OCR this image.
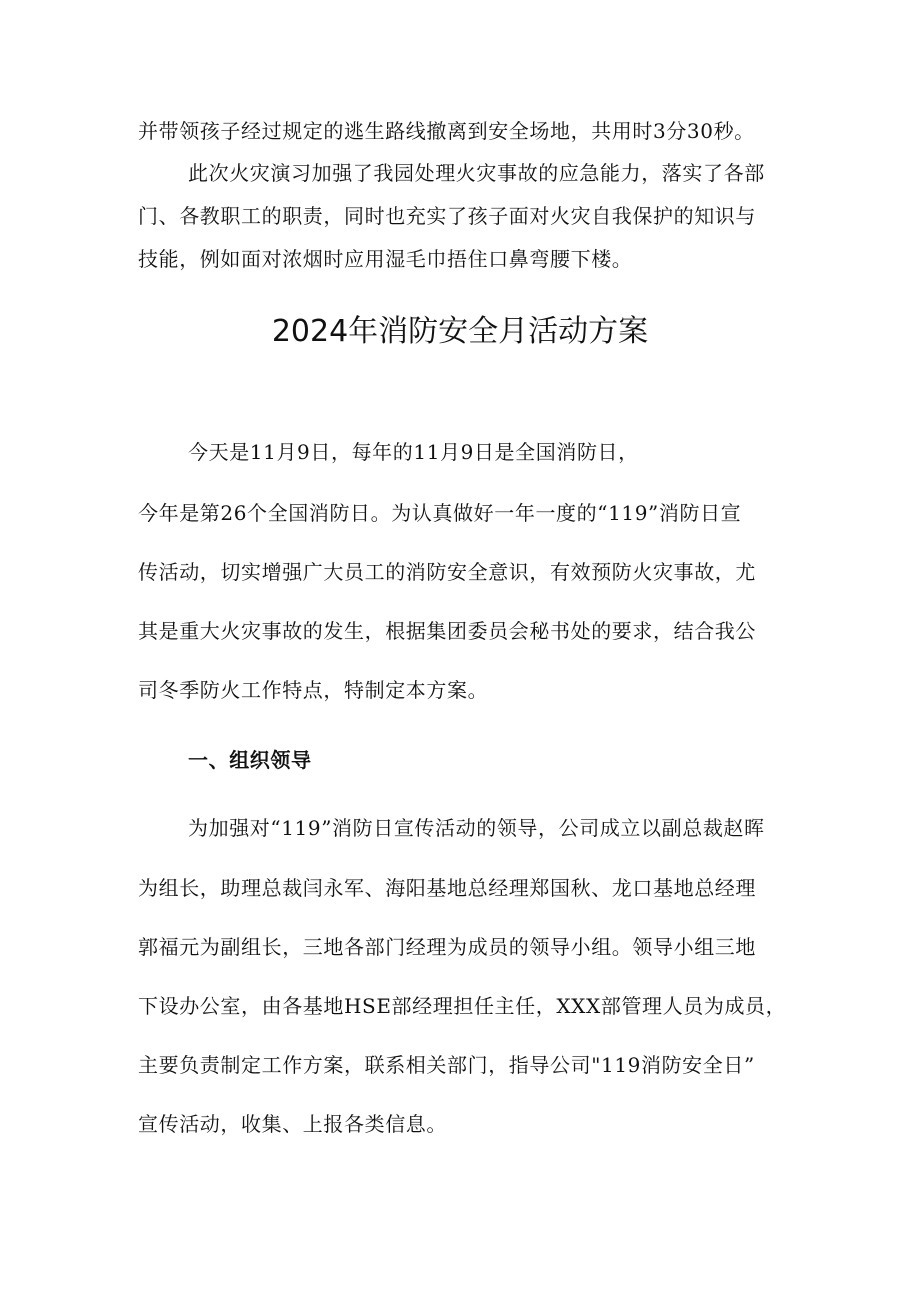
并带领孩子经过规定的逃生路线撤离到安全场地，共用时3分30秒。
此次火灾演习加强了我园处理火灾事故的应急能力，落实了各部
门、各教职工的职责，同时也充实了孩子面对火灾自我保护的知识与
技能，例如面对浓烟时应用湿毛巾捂住口鼻弯腰下楼。
2024年消防安全月活动方案
今天是11月9日，每年的11月9日是全国消防日，
今年是第26个全国消防日。为认真做好一年一度的“119”消防日宣
传活动，切实增强广大员工的消防安全意识，有效预防火灾事故，尤
其是重大火灾事故的发生，根据集团委员会秘书处的要求，结合我公
司冬季防火工作特点，特制定本方案。
一、组织领导
为加强对“119”消防日宣传活动的领导，公司成立以副总裁赵晖
为组长，助理总裁闫永军、海阳基地总经理郑国秋、龙口基地总经理
郭福元为副组长，三地各部门经理为成员的领导小组。领导小组三地
下设办公室，由各基地HSE部经理担任主任，XXX部管理人员为成员，
主要负责制定工作方案，联系相关部门，指导公司"119消防安全日”
宣传活动，收集、上报各类信息。
